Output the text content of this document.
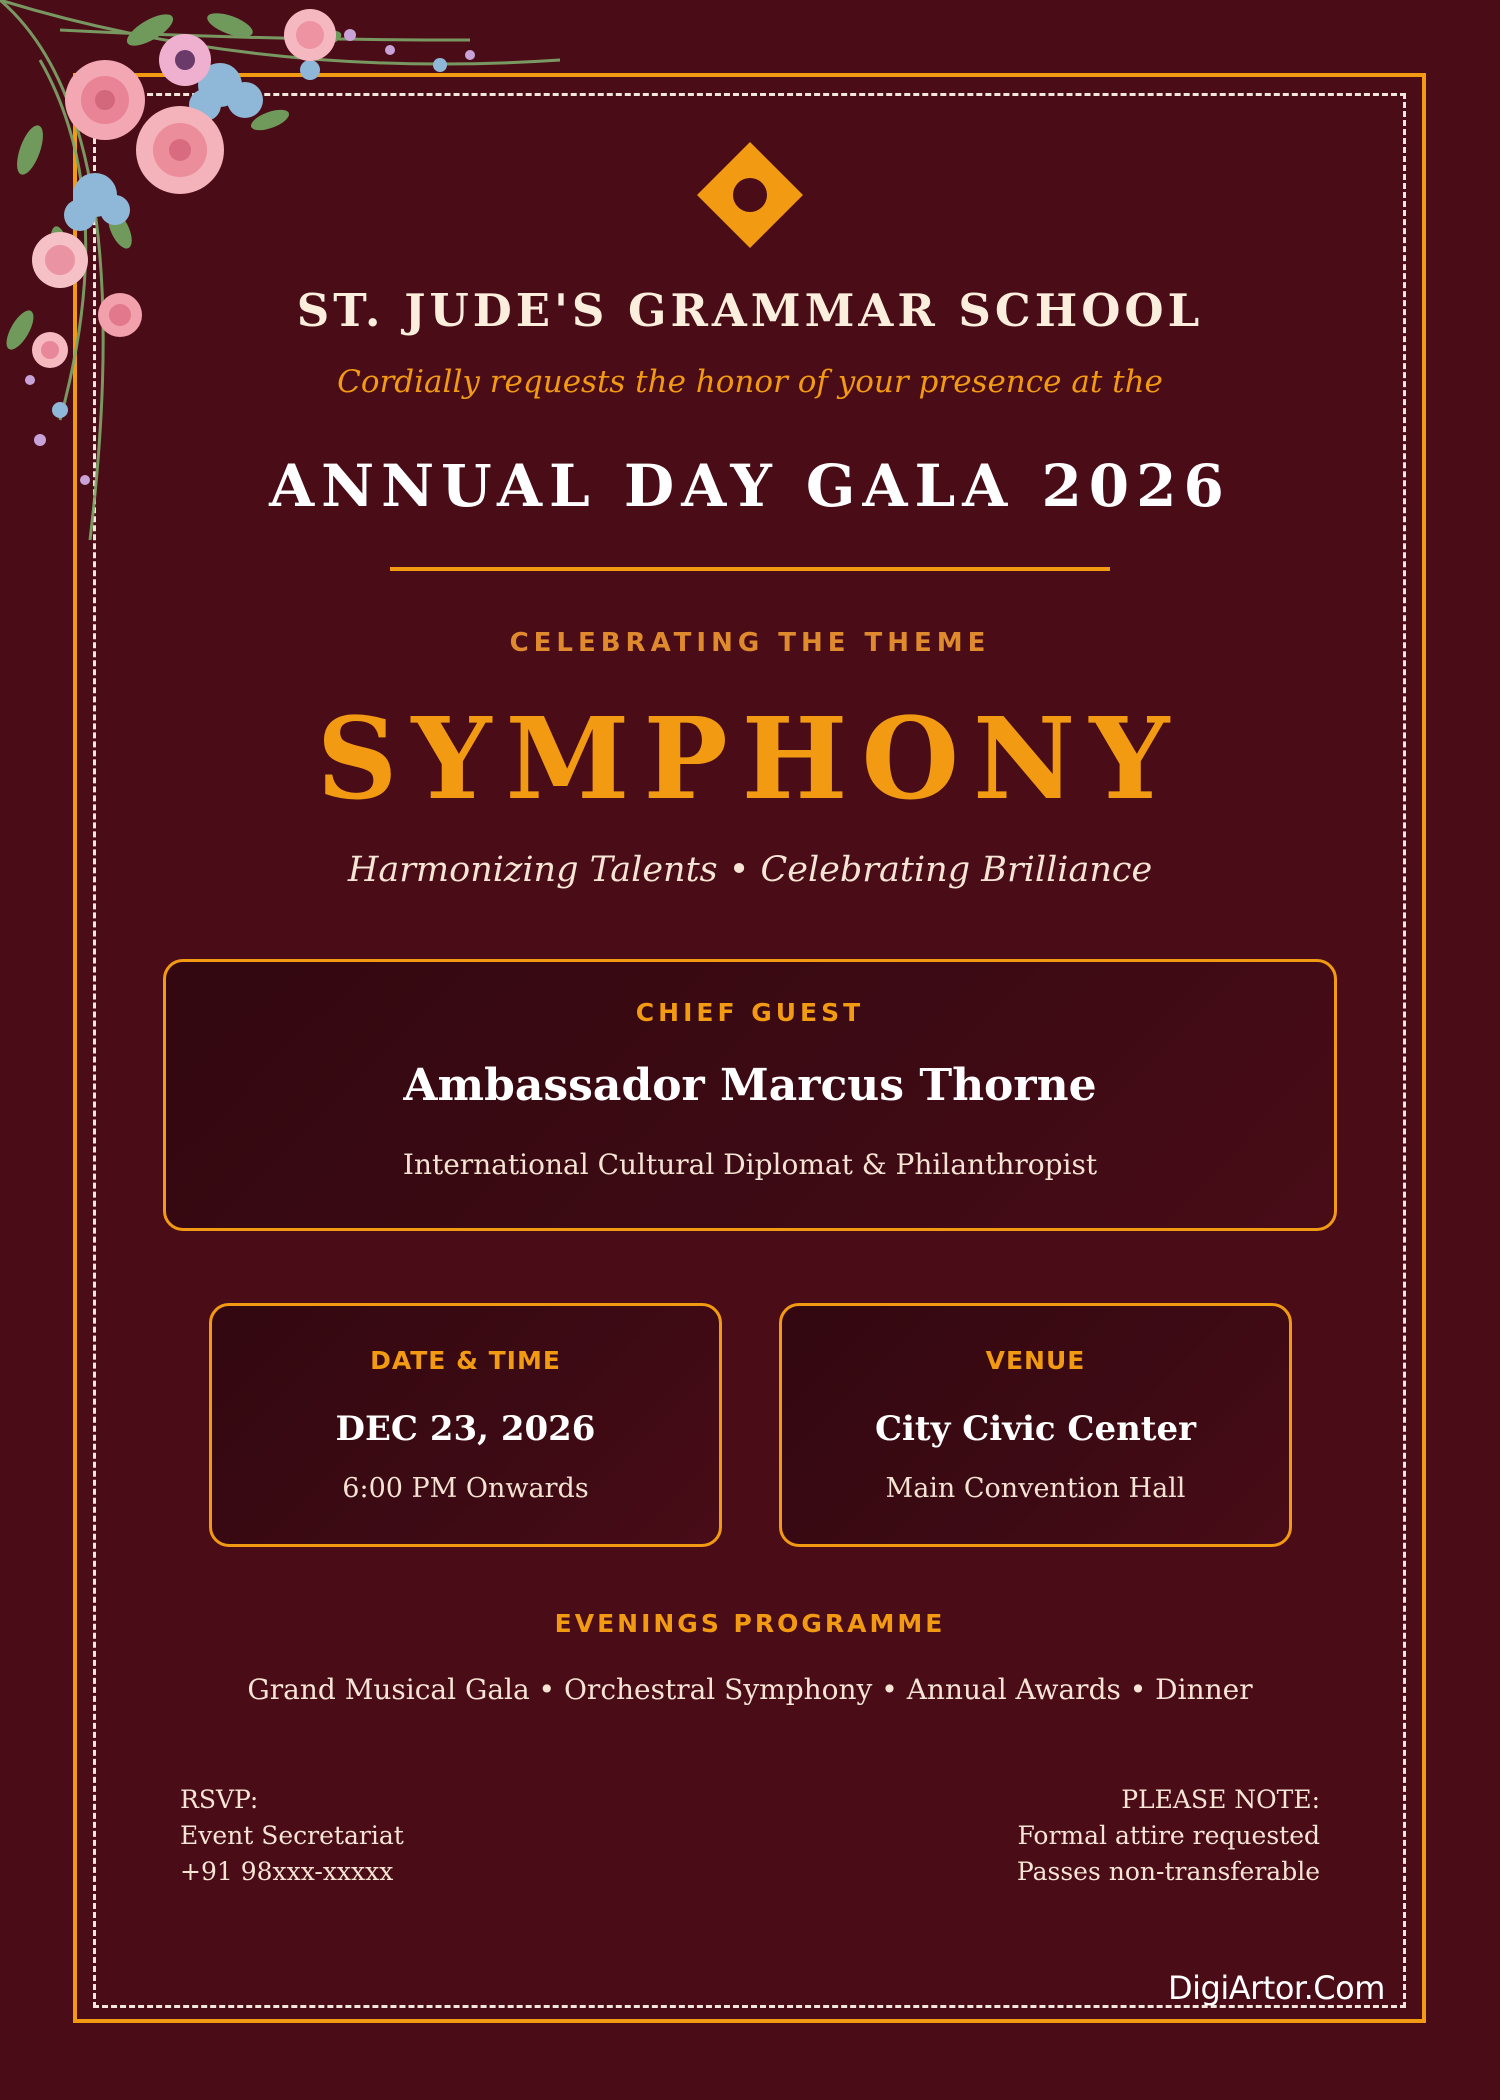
ST. JUDE'S GRAMMAR SCHOOL
Cordially requests the honor of your presence at the
ANNUAL DAY GALA 2026
CELEBRATING THE THEME
SYMPHONY
Harmonizing Talents • Celebrating Brilliance
CHIEF GUEST
Ambassador Marcus Thorne
International Cultural Diplomat & Philanthropist
DATE & TIME
DEC 23, 2026
6:00 PM Onwards
VENUE
City Civic Center
Main Convention Hall
EVENINGS PROGRAMME
Grand Musical Gala • Orchestral Symphony • Annual Awards • Dinner
RSVP:
Event Secretariat
+91 98xxx-xxxxx
PLEASE NOTE:
Formal attire requested
Passes non-transferable
DigiArtor.Com
